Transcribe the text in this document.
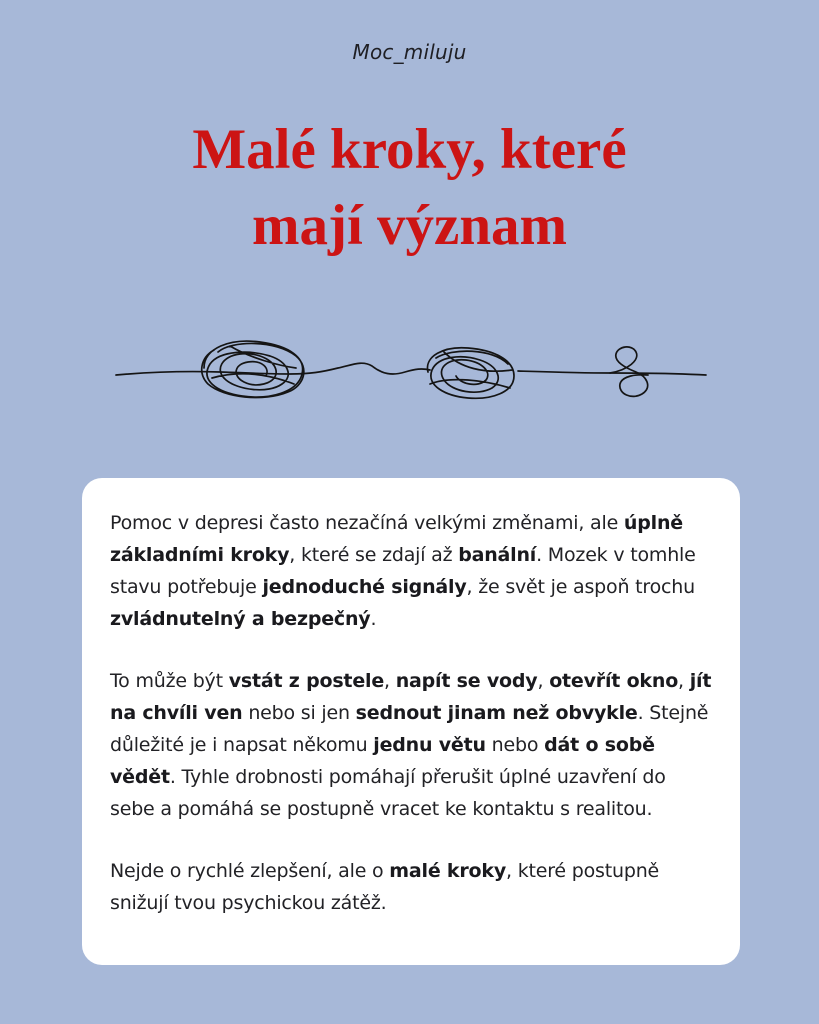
Moc_miluju
Malé kroky, které
mají význam

Pomoc v depresi často nezačíná velkými změnami, ale úplně základními kroky, které se zdají až banální. Mozek v tomhle stavu potřebuje jednoduché signály, že svět je aspoň trochu zvládnutelný a bezpečný.

To může být vstát z postele, napít se vody, otevřít okno, jít na chvíli ven nebo si jen sednout jinam než obvykle. Stejně důležité je i napsat někomu jednu větu nebo dát o sobě vědět. Tyhle drobnosti pomáhají přerušit úplné uzavření do sebe a pomáhá se postupně vracet ke kontaktu s realitou.

Nejde o rychlé zlepšení, ale o malé kroky, které postupně snižují tvou psychickou zátěž.
